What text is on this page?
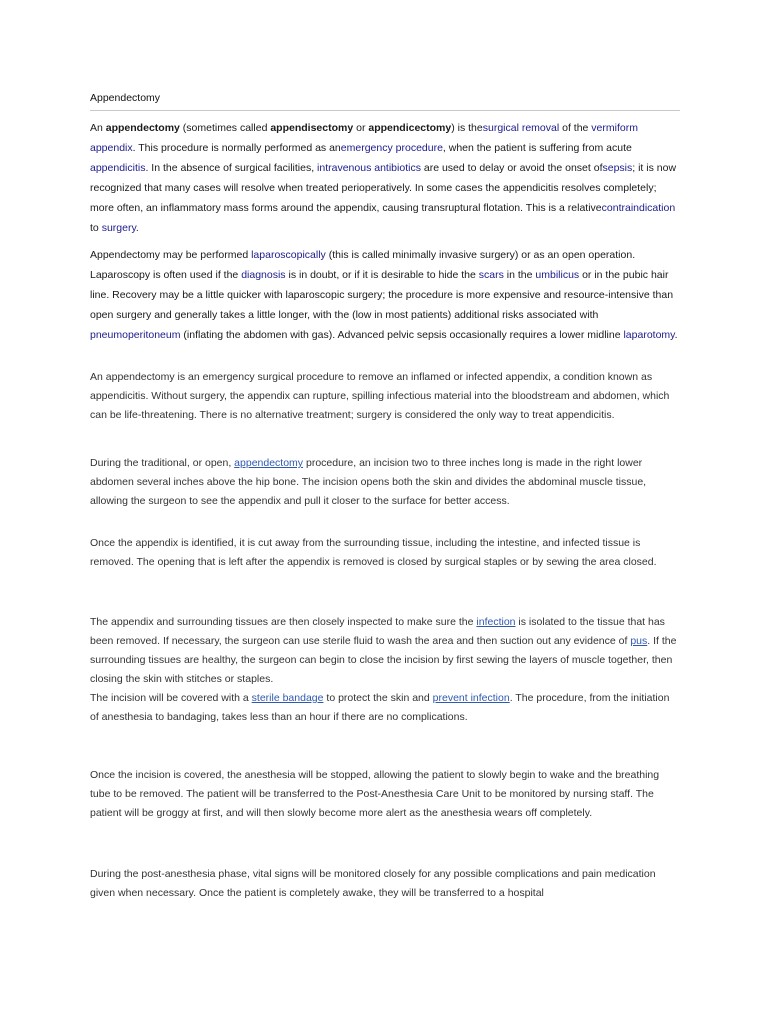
Appendectomy

An appendectomy (sometimes called appendisectomy or appendicectomy) is thesurgical removal of the vermiform appendix. This procedure is normally performed as anemergency procedure, when the patient is suffering from acute appendicitis. In the absence of surgical facilities, intravenous antibiotics are used to delay or avoid the onset ofsepsis; it is now recognized that many cases will resolve when treated perioperatively. In some cases the appendicitis resolves completely; more often, an inflammatory mass forms around the appendix, causing transruptural flotation. This is a relativecontraindication to surgery.

Appendectomy may be performed laparoscopically (this is called minimally invasive surgery) or as an open operation. Laparoscopy is often used if the diagnosis is in doubt, or if it is desirable to hide the scars in the umbilicus or in the pubic hair line. Recovery may be a little quicker with laparoscopic surgery; the procedure is more expensive and resource-intensive than open surgery and generally takes a little longer, with the (low in most patients) additional risks associated with pneumoperitoneum (inflating the abdomen with gas). Advanced pelvic sepsis occasionally requires a lower midline laparotomy.

An appendectomy is an emergency surgical procedure to remove an inflamed or infected appendix, a condition known as appendicitis. Without surgery, the appendix can rupture, spilling infectious material into the bloodstream and abdomen, which can be life-threatening. There is no alternative treatment; surgery is considered the only way to treat appendicitis.

During the traditional, or open, appendectomy procedure, an incision two to three inches long is made in the right lower abdomen several inches above the hip bone. The incision opens both the skin and divides the abdominal muscle tissue, allowing the surgeon to see the appendix and pull it closer to the surface for better access.

Once the appendix is identified, it is cut away from the surrounding tissue, including the intestine, and infected tissue is removed. The opening that is left after the appendix is removed is closed by surgical staples or by sewing the area closed.

The appendix and surrounding tissues are then closely inspected to make sure the infection is isolated to the tissue that has been removed. If necessary, the surgeon can use sterile fluid to wash the area and then suction out any evidence of pus. If the surrounding tissues are healthy, the surgeon can begin to close the incision by first sewing the layers of muscle together, then closing the skin with stitches or staples.

The incision will be covered with a sterile bandage to protect the skin and prevent infection. The procedure, from the initiation of anesthesia to bandaging, takes less than an hour if there are no complications.

Once the incision is covered, the anesthesia will be stopped, allowing the patient to slowly begin to wake and the breathing tube to be removed. The patient will be transferred to the Post-Anesthesia Care Unit to be monitored by nursing staff. The patient will be groggy at first, and will then slowly become more alert as the anesthesia wears off completely.

During the post-anesthesia phase, vital signs will be monitored closely for any possible complications and pain medication given when necessary. Once the patient is completely awake, they will be transferred to a hospital
